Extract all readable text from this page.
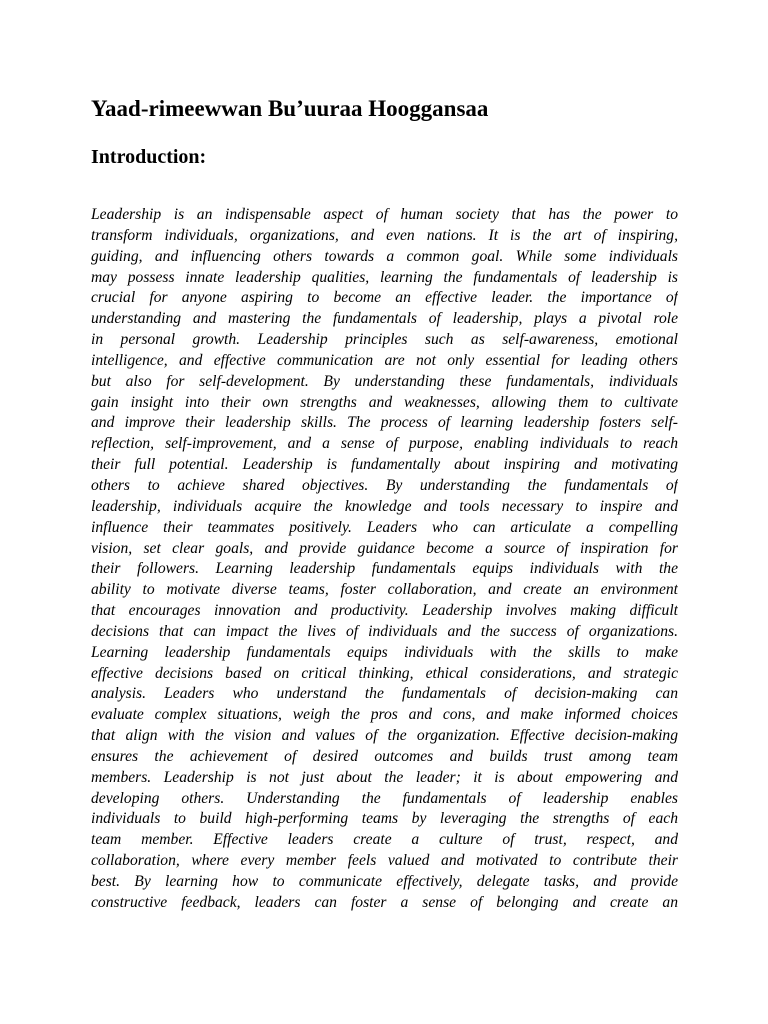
Yaad-rimeewwan Bu’uuraa Hooggansaa
Introduction:
Leadership is an indispensable aspect of human society that has the power to
transform individuals, organizations, and even nations. It is the art of inspiring,
guiding, and influencing others towards a common goal. While some individuals
may possess innate leadership qualities, learning the fundamentals of leadership is
crucial for anyone aspiring to become an effective leader. the importance of
understanding and mastering the fundamentals of leadership, plays a pivotal role
in personal growth. Leadership principles such as self-awareness, emotional
intelligence, and effective communication are not only essential for leading others
but also for self-development. By understanding these fundamentals, individuals
gain insight into their own strengths and weaknesses, allowing them to cultivate
and improve their leadership skills. The process of learning leadership fosters self-
reflection, self-improvement, and a sense of purpose, enabling individuals to reach
their full potential. Leadership is fundamentally about inspiring and motivating
others to achieve shared objectives. By understanding the fundamentals of
leadership, individuals acquire the knowledge and tools necessary to inspire and
influence their teammates positively. Leaders who can articulate a compelling
vision, set clear goals, and provide guidance become a source of inspiration for
their followers. Learning leadership fundamentals equips individuals with the
ability to motivate diverse teams, foster collaboration, and create an environment
that encourages innovation and productivity. Leadership involves making difficult
decisions that can impact the lives of individuals and the success of organizations.
Learning leadership fundamentals equips individuals with the skills to make
effective decisions based on critical thinking, ethical considerations, and strategic
analysis. Leaders who understand the fundamentals of decision-making can
evaluate complex situations, weigh the pros and cons, and make informed choices
that align with the vision and values of the organization. Effective decision-making
ensures the achievement of desired outcomes and builds trust among team
members. Leadership is not just about the leader; it is about empowering and
developing others. Understanding the fundamentals of leadership enables
individuals to build high-performing teams by leveraging the strengths of each
team member. Effective leaders create a culture of trust, respect, and
collaboration, where every member feels valued and motivated to contribute their
best. By learning how to communicate effectively, delegate tasks, and provide
constructive feedback, leaders can foster a sense of belonging and create an
